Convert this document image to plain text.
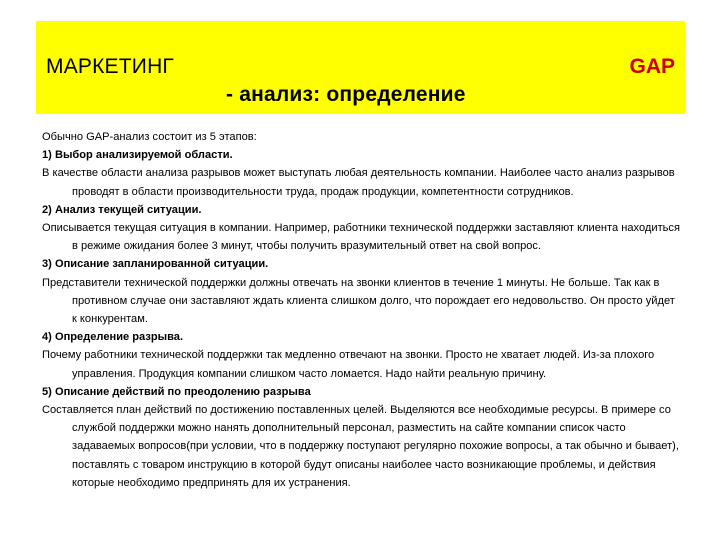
МАРКЕТИНГ	GAP
- анализ: определение

Обычно GAP-анализ состоит из 5 этапов:

1) Выбор анализируемой области.

В качестве области анализа разрывов может выступать любая деятельность компании. Наиболее часто анализ разрывов проводят в области производительности труда, продаж продукции, компетентности сотрудников.

2) Анализ текущей ситуации.

Описывается текущая ситуация в компании. Например, работники технической поддержки заставляют клиента находиться в режиме ожидания более 3 минут, чтобы получить вразумительный ответ на свой вопрос.

3) Описание запланированной ситуации.

Представители технической поддержки должны отвечать на звонки клиентов в течение 1 минуты. Не больше. Так как в противном случае они заставляют ждать клиента слишком долго, что порождает его недовольство. Он просто уйдет к конкурентам.

4) Определение разрыва.

Почему работники технической поддержки так медленно отвечают на звонки. Просто не хватает людей. Из-за плохого управления. Продукция компании слишком часто ломается. Надо найти реальную причину.

5) Описание действий по преодолению разрыва

Составляется план действий по достижению поставленных целей. Выделяются все необходимые ресурсы. В примере со службой поддержки можно нанять дополнительный персонал, разместить на сайте компании список часто задаваемых вопросов(при условии, что в поддержку поступают регулярно похожие вопросы, а так обычно и бывает), поставлять с товаром инструкцию в которой будут описаны наиболее часто возникающие проблемы, и действия которые необходимо предпринять для их устранения.
